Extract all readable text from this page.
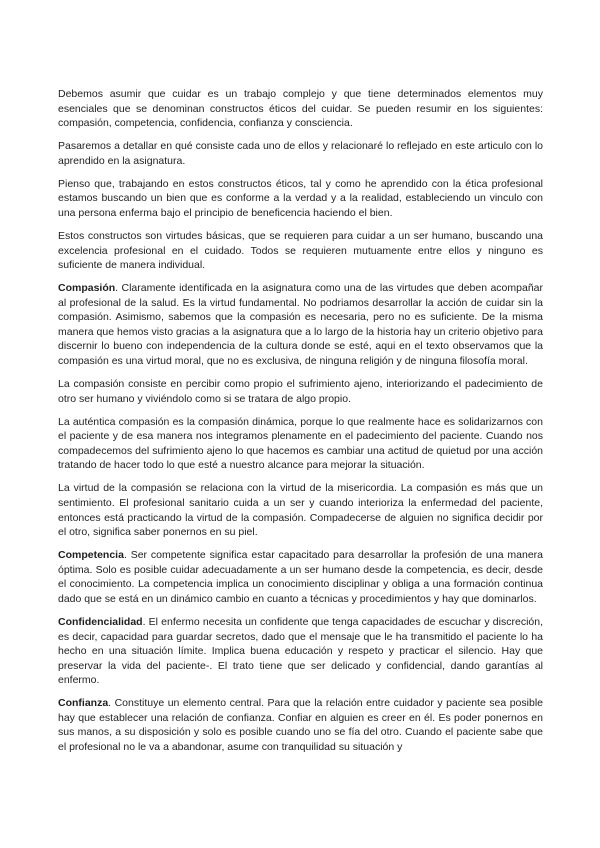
Debemos asumir que cuidar es un trabajo complejo y que tiene determinados elementos muy esenciales que se denominan constructos éticos del cuidar. Se pueden resumir en los siguientes: compasión, competencia, confidencia, confianza y consciencia.

Pasaremos a detallar en qué consiste cada uno de ellos y relacionaré lo reflejado en este articulo con lo aprendido en la asignatura.

Pienso que, trabajando en estos constructos éticos, tal y como he aprendido con la ética profesional estamos buscando un bien que es conforme a la verdad y a la realidad, estableciendo un vinculo con una persona enferma bajo el principio de beneficencia haciendo el bien.

Estos constructos son virtudes básicas, que se requieren para cuidar a un ser humano, buscando una excelencia profesional en el cuidado. Todos se requieren mutuamente entre ellos y ninguno es suficiente de manera individual.

Compasión. Claramente identificada en la asignatura como una de las virtudes que deben acompañar al profesional de la salud. Es la virtud fundamental. No podriamos desarrollar la acción de cuidar sin la compasión. Asimismo, sabemos que la compasión es necesaria, pero no es suficiente. De la misma manera que hemos visto gracias a la asignatura que a lo largo de la historia hay un criterio objetivo para discernir lo bueno con independencia de la cultura donde se esté, aqui en el texto observamos que la compasión es una virtud moral, que no es exclusiva, de ninguna religión y de ninguna filosofía moral.

La compasión consiste en percibir como propio el sufrimiento ajeno, interiorizando el padecimiento de otro ser humano y viviéndolo como si se tratara de algo propio.

La auténtica compasión es la compasión dinámica, porque lo que realmente hace es solidarizarnos con el paciente y de esa manera nos integramos plenamente en el padecimiento del paciente. Cuando nos compadecemos del sufrimiento ajeno lo que hacemos es cambiar una actitud de quietud por una acción tratando de hacer todo lo que esté a nuestro alcance para mejorar la situación.

La virtud de la compasión se relaciona con la virtud de la misericordia. La compasión es más que un sentimiento. El profesional sanitario cuida a un ser y cuando interioriza la enfermedad del paciente, entonces está practicando la virtud de la compasión. Compadecerse de alguien no significa decidir por el otro, significa saber ponernos en su piel.

Competencia. Ser competente significa estar capacitado para desarrollar la profesión de una manera óptima. Solo es posible cuidar adecuadamente a un ser humano desde la competencia, es decir, desde el conocimiento. La competencia implica un conocimiento disciplinar y obliga a una formación continua dado que se está en un dinámico cambio en cuanto a técnicas y procedimientos y hay que dominarlos.

Confidencialidad. El enfermo necesita un confidente que tenga capacidades de escuchar y discreción, es decir, capacidad para guardar secretos, dado que el mensaje que le ha transmitido el paciente lo ha hecho en una situación límite. Implica buena educación y respeto y practicar el silencio. Hay que preservar la vida del paciente-. El trato tiene que ser delicado y confidencial, dando garantías al enfermo.

Confianza. Constituye un elemento central. Para que la relación entre cuidador y paciente sea posible hay que establecer una relación de confianza. Confiar en alguien es creer en él. Es poder ponernos en sus manos, a su disposición y solo es posible cuando uno se fía del otro. Cuando el paciente sabe que el profesional no le va a abandonar, asume con tranquilidad su situación y
